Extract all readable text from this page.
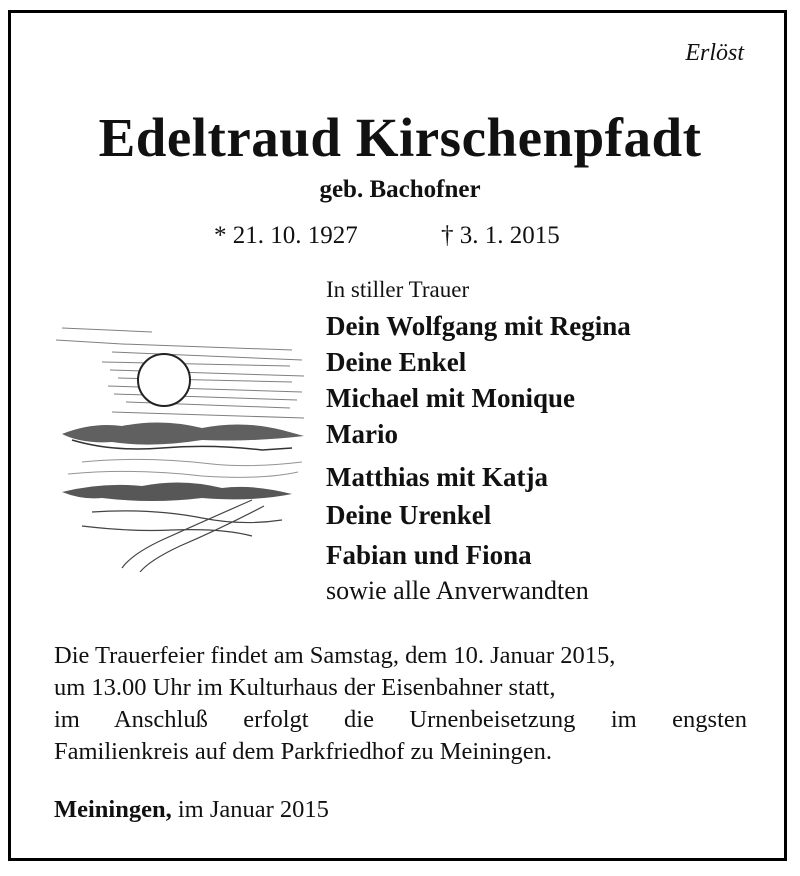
Erlöst
Edeltraud Kirschenpfadt
geb. Bachofner
* 21. 10. 1927	† 3. 1. 2015
In stiller Trauer
Dein Wolfgang mit Regina
Deine Enkel
Michael mit Monique
Mario
Matthias mit Katja
Deine Urenkel
Fabian und Fiona
sowie alle Anverwandten
Die Trauerfeier findet am Samstag, dem 10. Januar 2015,
um 13.00 Uhr im Kulturhaus der Eisenbahner statt,
im Anschluß erfolgt die Urnenbeisetzung im engsten
Familienkreis auf dem Parkfriedhof zu Meiningen.
Meiningen, im Januar 2015
